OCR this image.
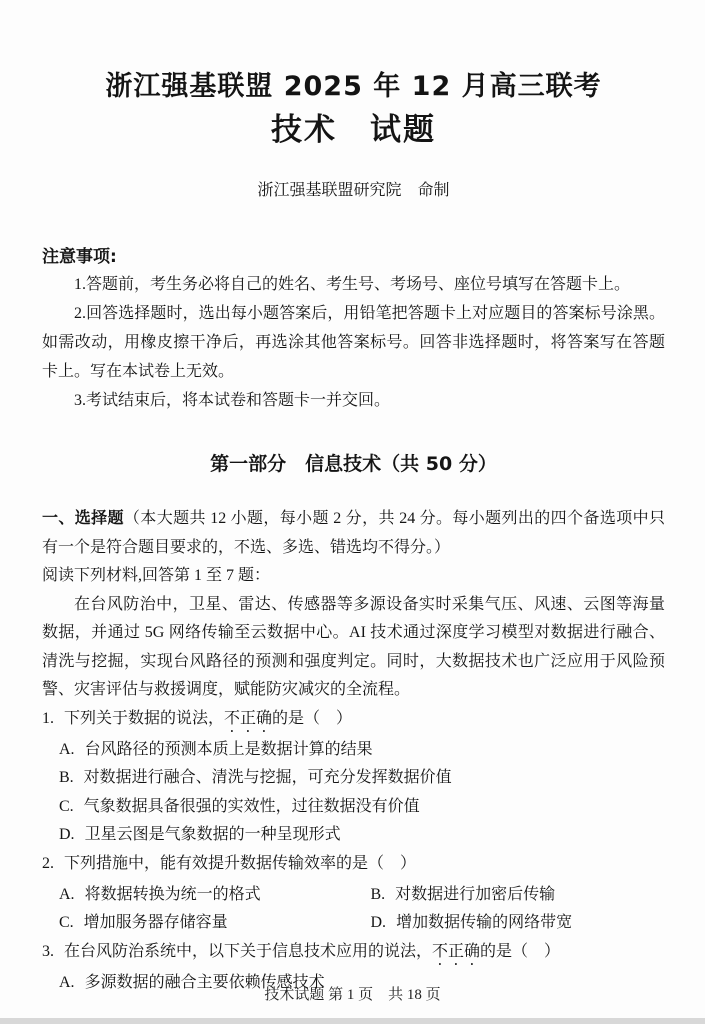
浙江强基联盟 2025 年 12 月高三联考
技术　试题
浙江强基联盟研究院　命制
注意事项:

1.答题前，考生务必将自己的姓名、考生号、考场号、座位号填写在答题卡上。

2.回答选择题时，选出每小题答案后，用铅笔把答题卡上对应题目的答案标号涂黑。如需改动，用橡皮擦干净后，再选涂其他答案标号。回答非选择题时，将答案写在答题卡上。写在本试卷上无效。

3.考试结束后，将本试卷和答题卡一并交回。

第一部分　信息技术（共 50 分）

一、选择题（本大题共 12 小题，每小题 2 分，共 24 分。每小题列出的四个备选项中只有一个是符合题目要求的，不选、多选、错选均不得分。）

阅读下列材料,回答第 1 至 7 题：

在台风防治中，卫星、雷达、传感器等多源设备实时采集气压、风速、云图等海量数据，并通过 5G 网络传输至云数据中心。AI 技术通过深度学习模型对数据进行融合、清洗与挖掘，实现台风路径的预测和强度判定。同时，大数据技术也广泛应用于风险预警、灾害评估与救援调度，赋能防灾减灾的全流程。

1. 下列关于数据的说法，不正确的是（　）

A. 台风路径的预测本质上是数据计算的结果

B. 对数据进行融合、清洗与挖掘，可充分发挥数据价值

C. 气象数据具备很强的实效性，过往数据没有价值

D. 卫星云图是气象数据的一种呈现形式

2. 下列措施中，能有效提升数据传输效率的是（　）

A. 将数据转换为统一的格式	B. 对数据进行加密后传输

C. 增加服务器存储容量	D. 增加数据传输的网络带宽

3. 在台风防治系统中，以下关于信息技术应用的说法，不正确的是（　）

A. 多源数据的融合主要依赖传感技术

技术试题 第 1 页　共 18 页
